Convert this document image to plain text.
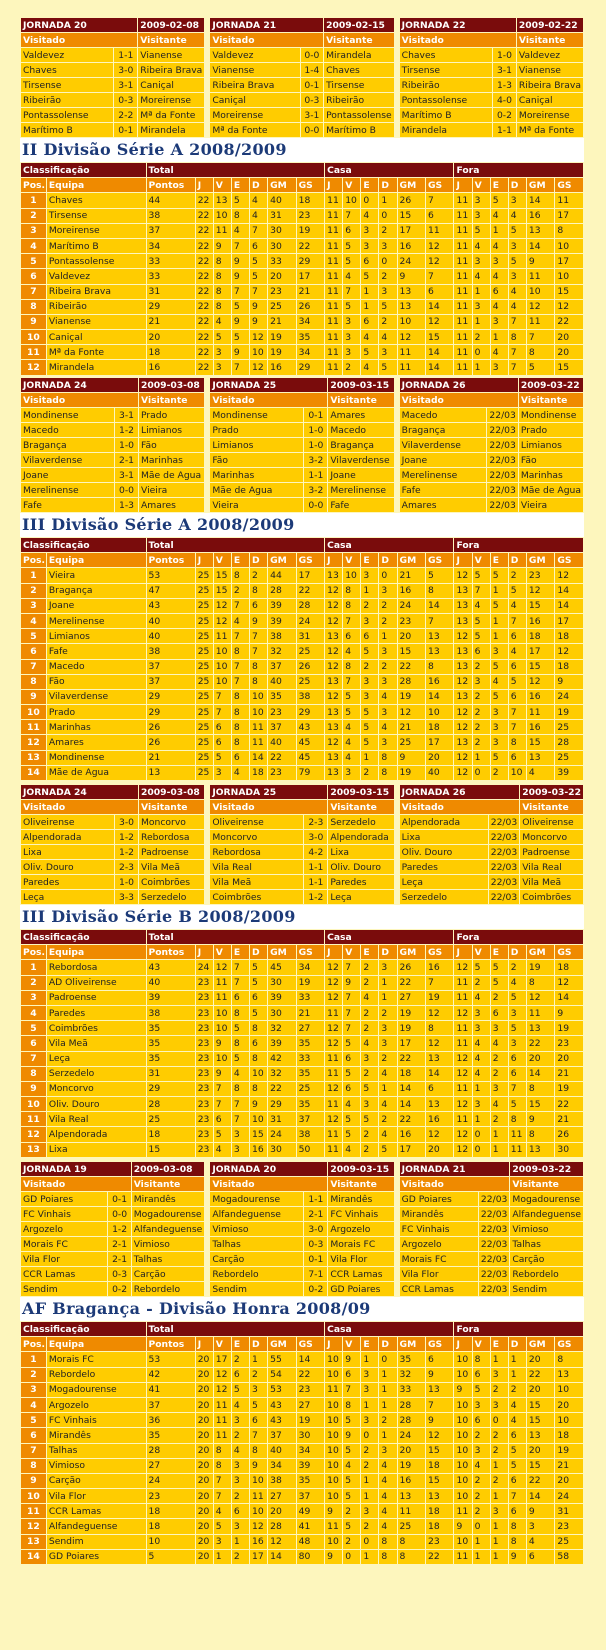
JORNADA 20		2009-02-08
Visitado		Visitante
Valdevez	1-1	Vianense
Chaves	3-0	Ribeira Brava
Tirsense	3-1	Caniçal
Ribeirão	0-3	Moreirense
Pontassolense	2-2	Mª da Fonte
Marítimo B	0-1	Mirandela
JORNADA 21		2009-02-15
Visitado		Visitante
Valdevez	0-0	Mirandela
Vianense	1-4	Chaves
Ribeira Brava	0-1	Tirsense
Caniçal	0-3	Ribeirão
Moreirense	3-1	Pontassolense
Mª da Fonte	0-0	Marítimo B
JORNADA 22		2009-02-22
Visitado		Visitante
Chaves	1-0	Valdevez
Tirsense	3-1	Vianense
Ribeirão	1-3	Ribeira Brava
Pontassolense	4-0	Caniçal
Marítimo B	0-2	Moreirense
Mirandela	1-1	Mª da Fonte
II Divisão Série A 2008/2009
Classificação		Total							Casa						Fora					
Pos.	Equipa	Pontos	J	V	E	D	GM	GS	J	V	E	D	GM	GS	J	V	E	D	GM	GS
1	Chaves	44	22	13	5	4	40	18	11	10	0	1	26	7	11	3	5	3	14	11
2	Tirsense	38	22	10	8	4	31	23	11	7	4	0	15	6	11	3	4	4	16	17
3	Moreirense	37	22	11	4	7	30	19	11	6	3	2	17	11	11	5	1	5	13	8
4	Marítimo B	34	22	9	7	6	30	22	11	5	3	3	16	12	11	4	4	3	14	10
5	Pontassolense	33	22	8	9	5	33	29	11	5	6	0	24	12	11	3	3	5	9	17
6	Valdevez	33	22	8	9	5	20	17	11	4	5	2	9	7	11	4	4	3	11	10
7	Ribeira Brava	31	22	8	7	7	23	21	11	7	1	3	13	6	11	1	6	4	10	15
8	Ribeirão	29	22	8	5	9	25	26	11	5	1	5	13	14	11	3	4	4	12	12
9	Vianense	21	22	4	9	9	21	34	11	3	6	2	10	12	11	1	3	7	11	22
10	Caniçal	20	22	5	5	12	19	35	11	3	4	4	12	15	11	2	1	8	7	20
11	Mª da Fonte	18	22	3	9	10	19	34	11	3	5	3	11	14	11	0	4	7	8	20
12	Mirandela	16	22	3	7	12	16	29	11	2	4	5	11	14	11	1	3	7	5	15
JORNADA 24		2009-03-08
Visitado		Visitante
Mondinense	3-1	Prado
Macedo	1-2	Limianos
Bragança	1-0	Fão
Vilaverdense	2-1	Marinhas
Joane	3-1	Mãe de Agua
Merelinense	0-0	Vieira
Fafe	1-3	Amares
JORNADA 25		2009-03-15
Visitado		Visitante
Mondinense	0-1	Amares
Prado	1-0	Macedo
Limianos	1-0	Bragança
Fão	3-2	Vilaverdense
Marinhas	1-1	Joane
Mãe de Agua	3-2	Merelinense
Vieira	0-0	Fafe
JORNADA 26		2009-03-22
Visitado		Visitante
Macedo	22/03	Mondinense
Bragança	22/03	Prado
Vilaverdense	22/03	Limianos
Joane	22/03	Fão
Merelinense	22/03	Marinhas
Fafe	22/03	Mãe de Agua
Amares	22/03	Vieira
III Divisão Série A 2008/2009
Classificação		Total							Casa						Fora					
Pos.	Equipa	Pontos	J	V	E	D	GM	GS	J	V	E	D	GM	GS	J	V	E	D	GM	GS
1	Vieira	53	25	15	8	2	44	17	13	10	3	0	21	5	12	5	5	2	23	12
2	Bragança	47	25	15	2	8	28	22	12	8	1	3	16	8	13	7	1	5	12	14
3	Joane	43	25	12	7	6	39	28	12	8	2	2	24	14	13	4	5	4	15	14
4	Merelinense	40	25	12	4	9	39	24	12	7	3	2	23	7	13	5	1	7	16	17
5	Limianos	40	25	11	7	7	38	31	13	6	6	1	20	13	12	5	1	6	18	18
6	Fafe	38	25	10	8	7	32	25	12	4	5	3	15	13	13	6	3	4	17	12
7	Macedo	37	25	10	7	8	37	26	12	8	2	2	22	8	13	2	5	6	15	18
8	Fão	37	25	10	7	8	40	25	13	7	3	3	28	16	12	3	4	5	12	9
9	Vilaverdense	29	25	7	8	10	35	38	12	5	3	4	19	14	13	2	5	6	16	24
10	Prado	29	25	7	8	10	23	29	13	5	5	3	12	10	12	2	3	7	11	19
11	Marinhas	26	25	6	8	11	37	43	13	4	5	4	21	18	12	2	3	7	16	25
12	Amares	26	25	6	8	11	40	45	12	4	5	3	25	17	13	2	3	8	15	28
13	Mondinense	21	25	5	6	14	22	45	13	4	1	8	9	20	12	1	5	6	13	25
14	Mãe de Agua	13	25	3	4	18	23	79	13	3	2	8	19	40	12	0	2	10	4	39
JORNADA 24		2009-03-08
Visitado		Visitante
Oliveirense	3-0	Moncorvo
Alpendorada	1-2	Rebordosa
Lixa	1-2	Padroense
Oliv. Douro	2-3	Vila Meã
Paredes	1-0	Coimbrões
Leça	3-3	Serzedelo
JORNADA 25		2009-03-15
Visitado		Visitante
Oliveirense	2-3	Serzedelo
Moncorvo	3-0	Alpendorada
Rebordosa	4-2	Lixa
Vila Real	1-1	Oliv. Douro
Vila Meã	1-1	Paredes
Coimbrões	1-2	Leça
JORNADA 26		2009-03-22
Visitado		Visitante
Alpendorada	22/03	Oliveirense
Lixa	22/03	Moncorvo
Oliv. Douro	22/03	Padroense
Paredes	22/03	Vila Real
Leça	22/03	Vila Meã
Serzedelo	22/03	Coimbrões
III Divisão Série B 2008/2009
Classificação		Total							Casa						Fora					
Pos.	Equipa	Pontos	J	V	E	D	GM	GS	J	V	E	D	GM	GS	J	V	E	D	GM	GS
1	Rebordosa	43	24	12	7	5	45	34	12	7	2	3	26	16	12	5	5	2	19	18
2	AD Oliveirense	40	23	11	7	5	30	19	12	9	2	1	22	7	11	2	5	4	8	12
3	Padroense	39	23	11	6	6	39	33	12	7	4	1	27	19	11	4	2	5	12	14
4	Paredes	38	23	10	8	5	30	21	11	7	2	2	19	12	12	3	6	3	11	9
5	Coimbrões	35	23	10	5	8	32	27	12	7	2	3	19	8	11	3	3	5	13	19
6	Vila Meã	35	23	9	8	6	39	35	12	5	4	3	17	12	11	4	4	3	22	23
7	Leça	35	23	10	5	8	42	33	11	6	3	2	22	13	12	4	2	6	20	20
8	Serzedelo	31	23	9	4	10	32	35	11	5	2	4	18	14	12	4	2	6	14	21
9	Moncorvo	29	23	7	8	8	22	25	12	6	5	1	14	6	11	1	3	7	8	19
10	Oliv. Douro	28	23	7	7	9	29	35	11	4	3	4	14	13	12	3	4	5	15	22
11	Vila Real	25	23	6	7	10	31	37	12	5	5	2	22	16	11	1	2	8	9	21
12	Alpendorada	18	23	5	3	15	24	38	11	5	2	4	16	12	12	0	1	11	8	26
13	Lixa	15	23	4	3	16	30	50	11	4	2	5	17	20	12	0	1	11	13	30
JORNADA 19		2009-03-08
Visitado		Visitante
GD Poiares	0-1	Mirandês
FC Vinhais	0-0	Mogadourense
Argozelo	1-2	Alfandeguense
Morais FC	2-1	Vimioso
Vila Flor	2-1	Talhas
CCR Lamas	0-3	Carção
Sendim	0-2	Rebordelo
JORNADA 20		2009-03-15
Visitado		Visitante
Mogadourense	1-1	Mirandês
Alfandeguense	2-1	FC Vinhais
Vimioso	3-0	Argozelo
Talhas	0-3	Morais FC
Carção	0-1	Vila Flor
Rebordelo	7-1	CCR Lamas
Sendim	0-2	GD Poiares
JORNADA 21		2009-03-22
Visitado		Visitante
GD Poiares	22/03	Mogadourense
Mirandês	22/03	Alfandeguense
FC Vinhais	22/03	Vimioso
Argozelo	22/03	Talhas
Morais FC	22/03	Carção
Vila Flor	22/03	Rebordelo
CCR Lamas	22/03	Sendim
AF Bragança - Divisão Honra 2008/09
Classificação		Total							Casa						Fora					
Pos.	Equipa	Pontos	J	V	E	D	GM	GS	J	V	E	D	GM	GS	J	V	E	D	GM	GS
1	Morais FC	53	20	17	2	1	55	14	10	9	1	0	35	6	10	8	1	1	20	8
2	Rebordelo	42	20	12	6	2	54	22	10	6	3	1	32	9	10	6	3	1	22	13
3	Mogadourense	41	20	12	5	3	53	23	11	7	3	1	33	13	9	5	2	2	20	10
4	Argozelo	37	20	11	4	5	43	27	10	8	1	1	28	7	10	3	3	4	15	20
5	FC Vinhais	36	20	11	3	6	43	19	10	5	3	2	28	9	10	6	0	4	15	10
6	Mirandês	35	20	11	2	7	37	30	10	9	0	1	24	12	10	2	2	6	13	18
7	Talhas	28	20	8	4	8	40	34	10	5	2	3	20	15	10	3	2	5	20	19
8	Vimioso	27	20	8	3	9	34	39	10	4	2	4	19	18	10	4	1	5	15	21
9	Carção	24	20	7	3	10	38	35	10	5	1	4	16	15	10	2	2	6	22	20
10	Vila Flor	23	20	7	2	11	27	37	10	5	1	4	13	13	10	2	1	7	14	24
11	CCR Lamas	18	20	4	6	10	20	49	9	2	3	4	11	18	11	2	3	6	9	31
12	Alfandeguense	18	20	5	3	12	28	41	11	5	2	4	25	18	9	0	1	8	3	23
13	Sendim	10	20	3	1	16	12	48	10	2	0	8	8	23	10	1	1	8	4	25
14	GD Poiares	5	20	1	2	17	14	80	9	0	1	8	8	22	11	1	1	9	6	58
